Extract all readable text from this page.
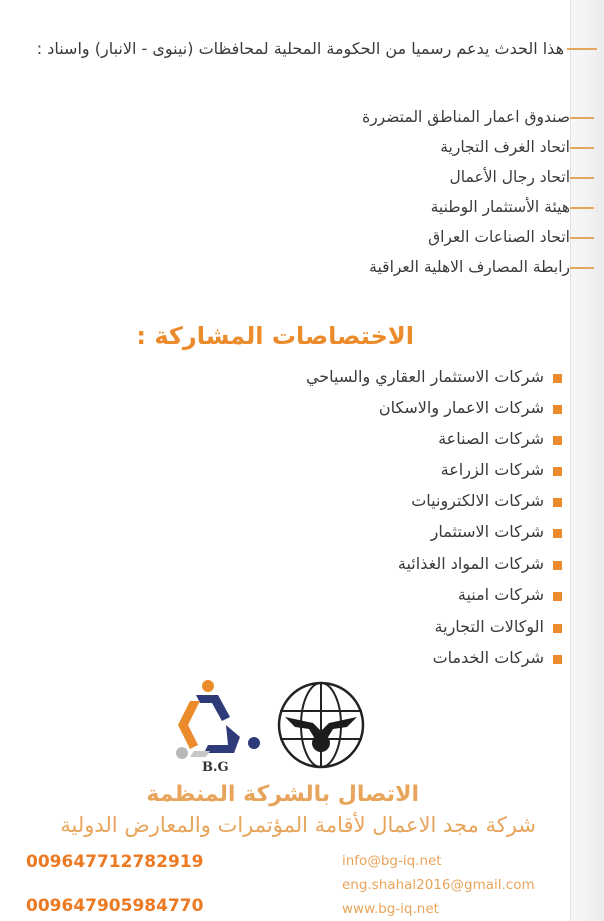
هذا الحدث يدعم رسميا من الحكومة المحلية لمحافظات (نينوى - الانبار) واسناد :
صندوق اعمار المناطق المتضررة
اتحاد الغرف التجارية
اتحاد رجال الأعمال
هيئة الأستثمار الوطنية
اتحاد الصناعات العراق
رابطة المصارف الاهلية العراقية
الاختصاصات المشاركة :
شركات الاستثمار العقاري والسياحي
شركات الاعمار والاسكان
شركات الصناعة
شركات الزراعة
شركات الالكترونيات
شركات الاستثمار
شركات المواد الغذائية
شركات امنية
الوكالات التجارية
شركات الخدمات
B.G
الاتصال بالشركة المنظمة
شركة مجد الاعمال لأقامة المؤتمرات والمعارض الدولية
009647712782919
009647905984770
info@bg-iq.net
eng.shahal2016@gmail.com
www.bg-iq.net
